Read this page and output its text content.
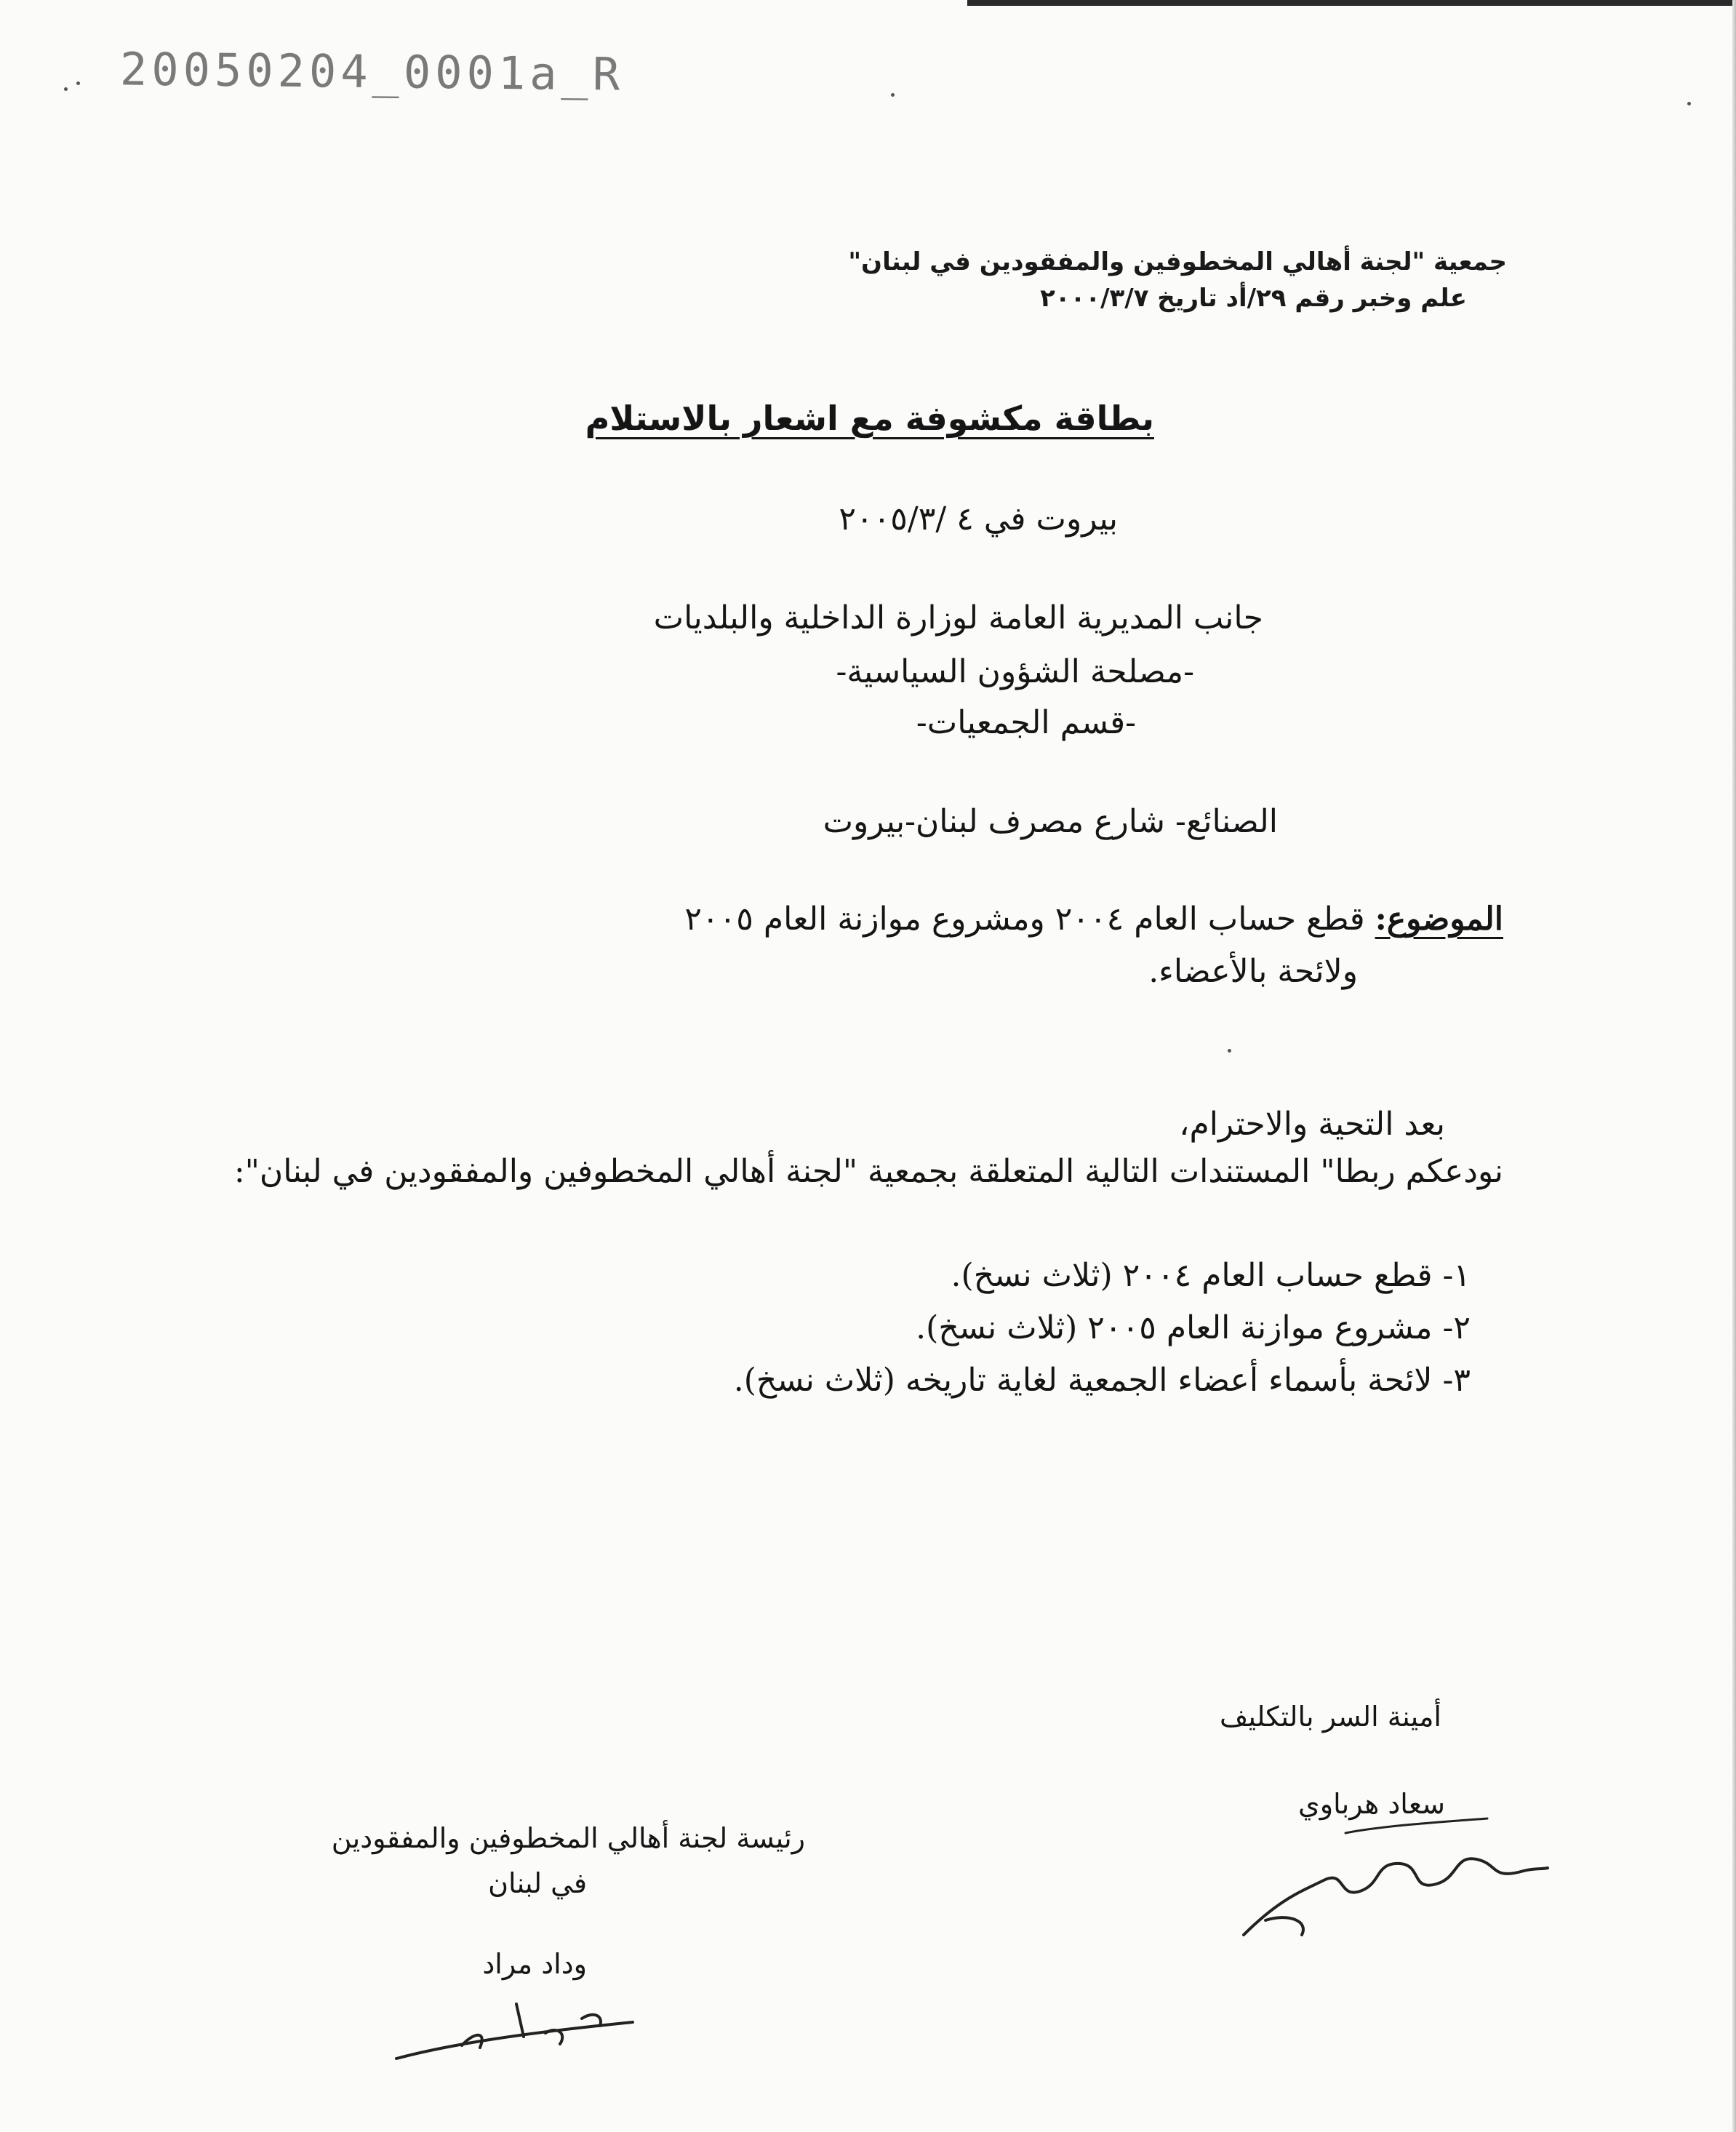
20050204_0001a_R
جمعية "لجنة أهالي المخطوفين والمفقودين في لبنان"
علم وخبر رقم ٢٩/أد تاريخ ٢٠٠٠/٣/٧
بطاقة مكشوفة مع اشعار بالاستلام
بيروت في ٤ /٢٠٠٥/٣
جانب المديرية العامة لوزارة الداخلية والبلديات
-مصلحة الشؤون السياسية-
-قسم الجمعيات-
الصنائع- شارع مصرف لبنان-بيروت
الموضوع: قطع حساب العام ٢٠٠٤ ومشروع موازنة العام ٢٠٠٥
ولائحة بالأعضاء.
بعد التحية والاحترام،
نودعكم ربطا" المستندات التالية المتعلقة بجمعية "لجنة أهالي المخطوفين والمفقودين في لبنان":
١- قطع حساب العام ٢٠٠٤ (ثلاث نسخ).
٢- مشروع موازنة العام ٢٠٠٥ (ثلاث نسخ).
٣- لائحة بأسماء أعضاء الجمعية لغاية تاريخه (ثلاث نسخ).
أمينة السر بالتكليف
سعاد هرباوي
رئيسة لجنة أهالي المخطوفين والمفقودين
في لبنان
وداد مراد
